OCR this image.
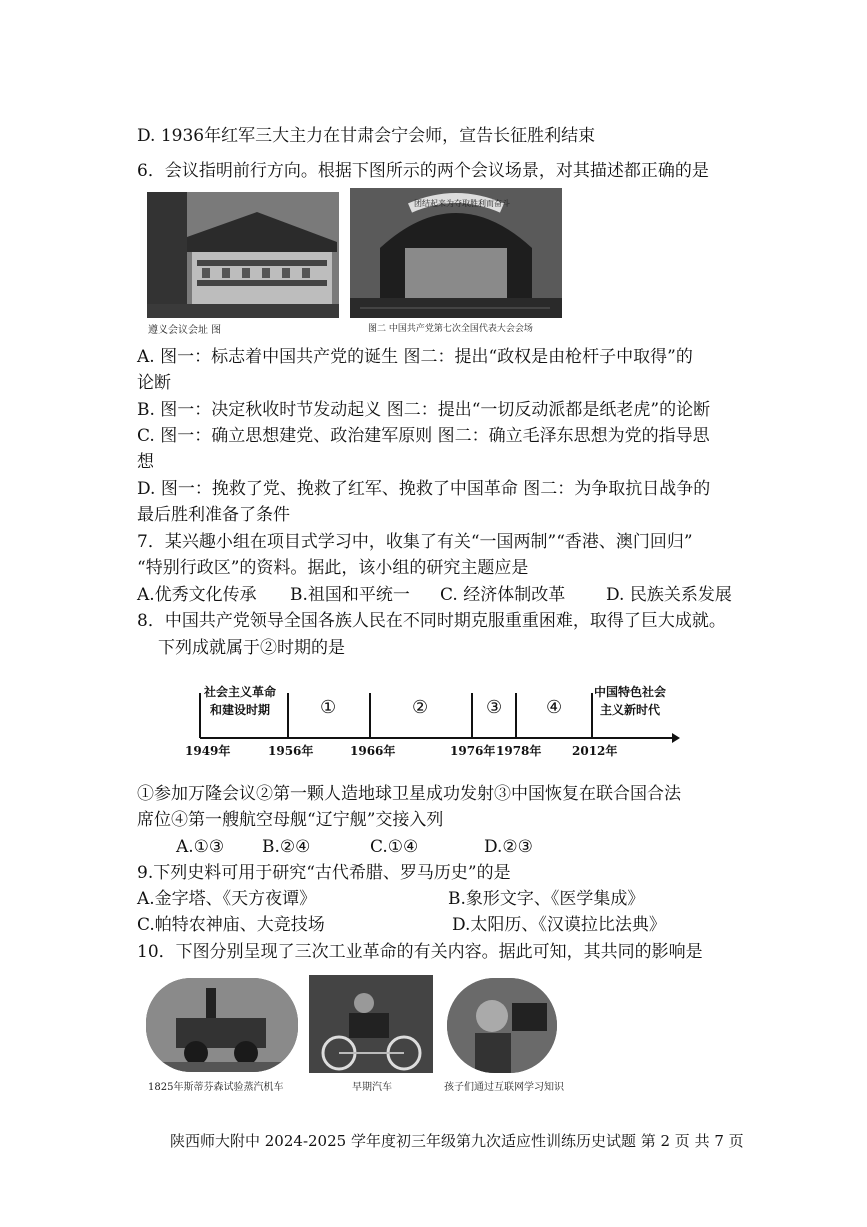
D. 1936年红军三大主力在甘肃会宁会师，宣告长征胜利结束
6．会议指明前行方向。根据下图所示的两个会议场景，对其描述都正确的是
遵义会议会址 图
团结起来为夺取胜利而奋斗
图二 中国共产党第七次全国代表大会会场
A. 图一：标志着中国共产党的诞生 图二：提出“政权是由枪杆子中取得”的
论断
B. 图一：决定秋收时节发动起义 图二：提出“一切反动派都是纸老虎”的论断
C. 图一：确立思想建党、政治建军原则 图二：确立毛泽东思想为党的指导思
想
D. 图一：挽救了党、挽救了红军、挽救了中国革命 图二：为争取抗日战争的
最后胜利准备了条件
7．某兴趣小组在项目式学习中，收集了有关“一国两制”“香港、澳门回归”
“特别行政区”的资料。据此，该小组的研究主题应是
A.优秀文化传承 B.祖国和平统一 C. 经济体制改革 D. 民族关系发展
8．中国共产党领导全国各族人民在不同时期克服重重困难，取得了巨大成就。
下列成就属于②时期的是
社会主义革命
和建设时期	①	②	③ ④
中国特色社会
主义新时代
1949年	1956年	1966年	1976年 1978年	2012年
①参加万隆会议②第一颗人造地球卫星成功发射③中国恢复在联合国合法
席位④第一艘航空母舰“辽宁舰”交接入列
A.①③ B.②④	C.①④	D.②③
9.下列史料可用于研究“古代希腊、罗马历史”的是
A.金字塔、《天方夜谭》	B.象形文字、《医学集成》
C.帕特农神庙、大竞技场	D.太阳历、《汉谟拉比法典》
10．下图分别呈现了三次工业革命的有关内容。据此可知，其共同的影响是
1825年斯蒂芬森试验蒸汽机车	早期汽车	孩子们通过互联网学习知识
陕西师大附中 2024-2025 学年度初三年级第九次适应性训练历史试题 第 2 页 共 7 页
